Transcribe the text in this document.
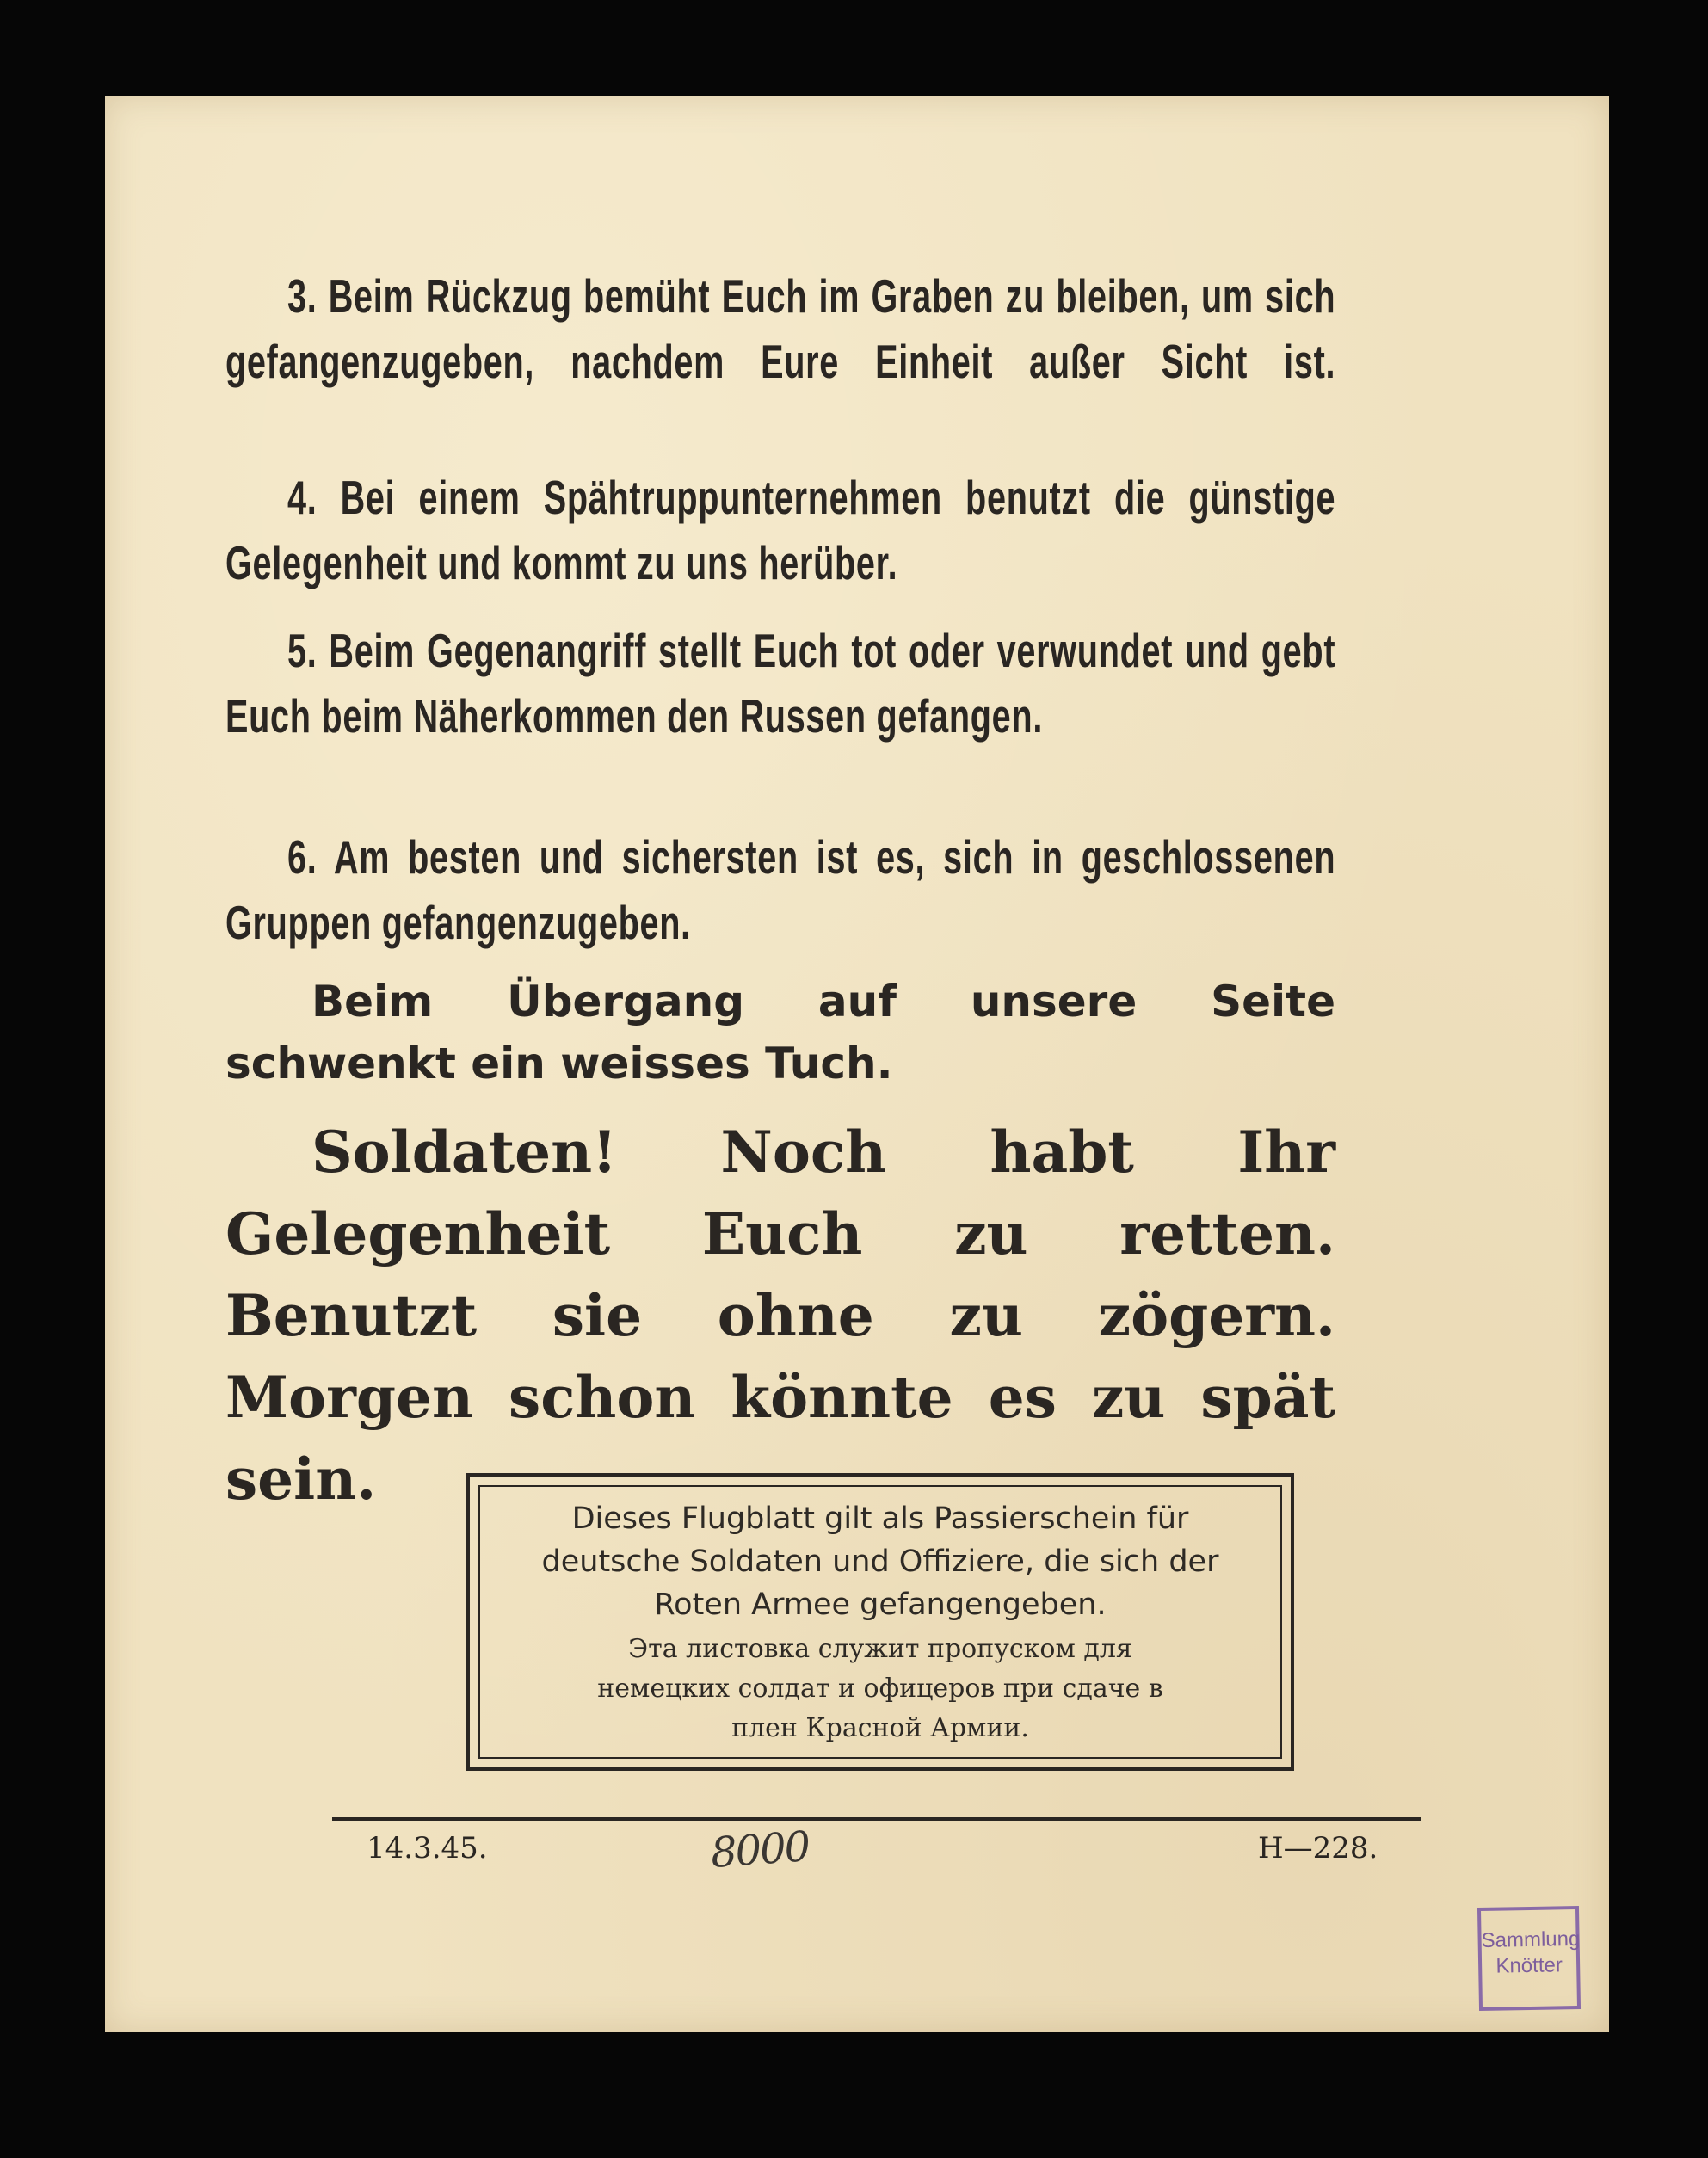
3. Beim Rückzug bemüht Euch im Graben zu bleiben, um sich gefangenzugeben, nachdem Eure Einheit außer Sicht ist.

4. Bei einem Spähtruppunternehmen benutzt die günstige Gelegenheit und kommt zu uns herüber.

5. Beim Gegenangriff stellt Euch tot oder verwundet und gebt Euch beim Näherkommen den Russen gefangen.

6. Am besten und sichersten ist es, sich in geschlossenen Gruppen gefangenzugeben.

Beim Übergang auf unsere Seite schwenkt ein weisses Tuch.

Soldaten! Noch habt Ihr Gelegenheit Euch zu retten. Benutzt sie ohne zu zögern. Morgen schon könnte es zu spät sein.

Dieses Flugblatt gilt als Passierschein für deutsche Soldaten und Offiziere, die sich der Roten Armee gefangengeben.

Эта листовка служит пропуском для немецких солдат и офицеров при сдаче в плен Красной Армии.

14.3.45.	8000	H—228.
Sammlung
Knötter
